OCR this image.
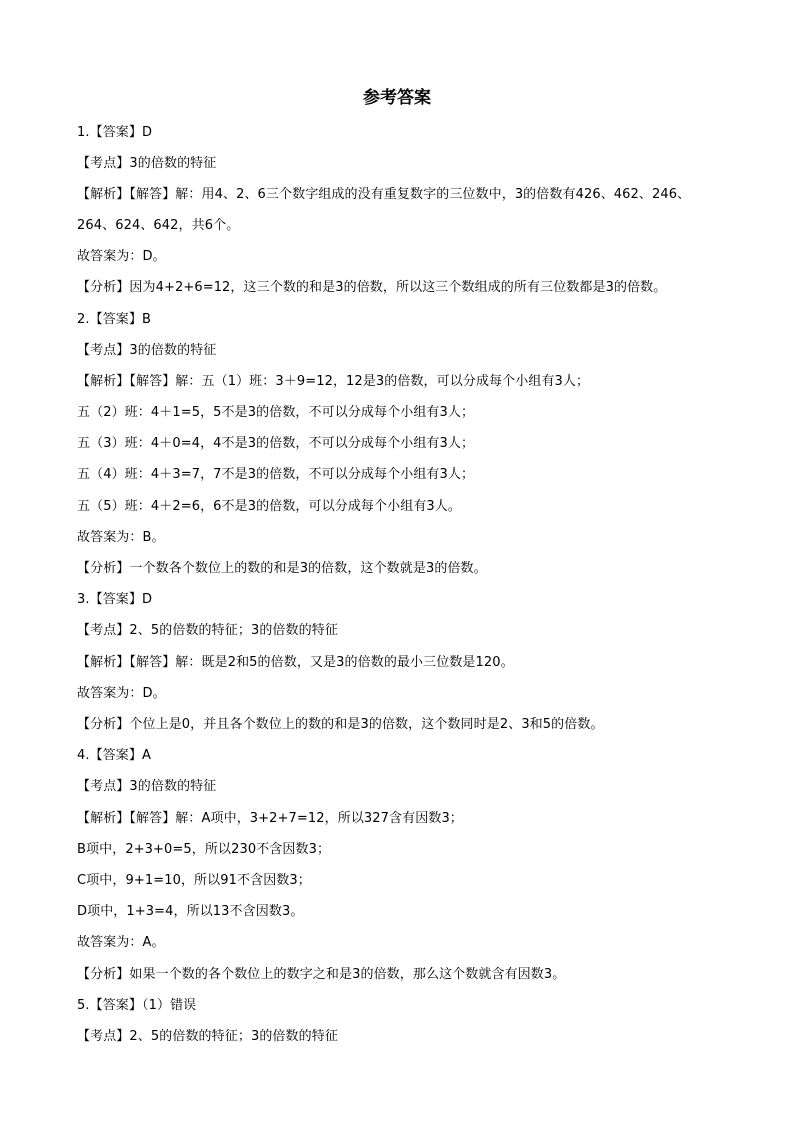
参考答案
1.【答案】D
【考点】3的倍数的特征
【解析】【解答】解：用4、2、6三个数字组成的没有重复数字的三位数中，3的倍数有426、462、246、
264、624、642，共6个。
故答案为：D。
【分析】因为4+2+6=12，这三个数的和是3的倍数，所以这三个数组成的所有三位数都是3的倍数。
2.【答案】B
【考点】3的倍数的特征
【解析】【解答】解：五（1）班：3＋9=12，12是3的倍数，可以分成每个小组有3人；
五（2）班：4＋1=5，5不是3的倍数，不可以分成每个小组有3人；
五（3）班：4＋0=4，4不是3的倍数，不可以分成每个小组有3人；
五（4）班：4＋3=7，7不是3的倍数，不可以分成每个小组有3人；
五（5）班：4＋2=6，6不是3的倍数，可以分成每个小组有3人。
故答案为：B。
【分析】一个数各个数位上的数的和是3的倍数，这个数就是3的倍数。
3.【答案】D
【考点】2、5的倍数的特征；3的倍数的特征
【解析】【解答】解：既是2和5的倍数，又是3的倍数的最小三位数是120。
故答案为：D。
【分析】个位上是0，并且各个数位上的数的和是3的倍数，这个数同时是2、3和5的倍数。
4.【答案】A
【考点】3的倍数的特征
【解析】【解答】解：A项中，3+2+7=12，所以327含有因数3；
B项中，2+3+0=5，所以230不含因数3；
C项中，9+1=10，所以91不含因数3；
D项中，1+3=4，所以13不含因数3。
故答案为：A。
【分析】如果一个数的各个数位上的数字之和是3的倍数，那么这个数就含有因数3。
5.【答案】（1）错误
【考点】2、5的倍数的特征；3的倍数的特征
